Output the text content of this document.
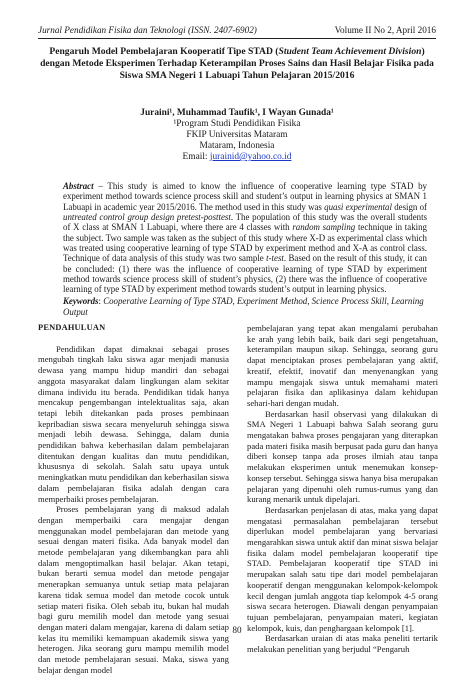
Jurnal Pendidikan Fisika dan Teknologi (ISSN. 2407-6902)	Volume II No 2, April 2016
Pengaruh Model Pembelajaran Kooperatif Tipe STAD (Student Team Achievement Division) dengan Metode Eksperimen Terhadap Keterampilan Proses Sains dan Hasil Belajar Fisika pada Siswa SMA Negeri 1 Labuapi Tahun Pelajaran 2015/2016
Juraini¹, Muhammad Taufik¹, I Wayan Gunada¹
¹Program Studi Pendidikan Fisika
FKIP Universitas Mataram
Mataram, Indonesia
Email: jurainid@yahoo.co.id
Abstract – This study is aimed to know the influence of cooperative learning type STAD by experiment method towards science process skill and student’s output in learning physics at SMAN 1 Labuapi in academic year 2015/2016. The method used in this study was quasi experimental design of untreated control group design pretest-posttest. The population of this study was the overall students of X class at SMAN 1 Labuapi, where there are 4 classes with random sampling technique in taking the subject. Two sample was taken as the subject of this study where X-D as experimental class which was treated using cooperative learning of type STAD by experiment method and X-A as control class. Technique of data analysis of this study was two sample t-test. Based on the result of this study, it can be concluded: (1) there was the influence of cooperative learning of type STAD by experiment method towards science process skill of student’s physics, (2) there was the influence of cooperative learning of type STAD by experiment method towards student’s output in learning physics.
Keywords: Cooperative Learning of Type STAD, Experiment Method, Science Process Skill, Learning Output
PENDAHULUAN

Pendidikan dapat dimaknai sebagai proses mengubah tingkah laku siswa agar menjadi manusia dewasa yang mampu hidup mandiri dan sebagai anggota masyarakat dalam lingkungan alam sekitar dimana individu itu berada. Pendidikan tidak hanya mencakup pengembangan intelektualitas saja, akan tetapi lebih ditekankan pada proses pembinaan kepribadian siswa secara menyeluruh sehingga siswa menjadi lebih dewasa. Sehingga, dalam dunia pendidikan bahwa keberhasilan dalam pembelajaran ditentukan dengan kualitas dan mutu pendidikan, khususnya di sekolah. Salah satu upaya untuk meningkatkan mutu pendidikan dan keberhasilan siswa dalam pembelajaran fisika adalah dengan cara memperbaiki proses pembelajaran.

Proses pembelajaran yang di maksud adalah dengan memperbaiki cara mengajar dengan menggunakan model pembelajaran dan metode yang sesuai dengan materi fisika. Ada banyak model dan metode pembelajaran yang dikembangkan para ahli dalam mengoptimalkan hasil belajar. Akan tetapi, bukan berarti semua model dan metode pengajar menerapkan semuanya untuk setiap mata pelajaran karena tidak semua model dan metode cocok untuk setiap materi fisika. Oleh sebab itu, bukan hal mudah bagi guru memilih model dan metode yang sesuai dengan materi dalam mengajar, karena di dalam setiap kelas itu memiliki kemampuan akademik siswa yang heterogen. Jika seorang guru mampu memilih model dan metode pembelajaran sesuai. Maka, siswa yang belajar dengan model

pembelajaran yang tepat akan mengalami perubahan ke arah yang lebih baik, baik dari segi pengetahuan, keterampilan maupun sikap. Sehingga, seorang guru dapat menciptakan proses pembelajaran yang aktif, kreatif, efektif, inovatif dan menyenangkan yang mampu mengajak siswa untuk memahami materi pelajaran fisika dan aplikasinya dalam kehidupan sehari-hari dengan mudah.

Berdasarkan hasil observasi yang dilakukan di SMA Negeri 1 Labuapi bahwa Salah seorang guru mengatakan bahwa proses pengajaran yang diterapkan pada materi fisika masih berpusat pada guru dan hanya diberi konsep tanpa ada proses ilmiah atau tanpa melakukan eksperimen untuk menemukan konsep-konsep tersebut. Sehingga siswa hanya bisa merupakan pelajaran yang dipenuhi oleh rumus-rumus yang dan kurang menarik untuk dipelajari.

Berdasarkan penjelasan di atas, maka yang dapat mengatasi permasalahan pembelajaran tersebut diperlukan model pembelajaran yang bervariasi mengarahkan siswa untuk aktif dan minat siswa belajar fisika dalam model pembelajaran kooperatif tipe STAD. Pembelajaran kooperatif tipe STAD ini merupakan salah satu tipe dari model pembelajaran kooperatif dengan menggunakan kelompok-kelompok kecil dengan jumlah anggota tiap kelompok 4-5 orang siswa secara heterogen. Diawali dengan penyampaian tujuan pembelajaran, penyampaian materi, kegiatan kelompok, kuis, dan penghargaan kelompok [1].

Berdasarkan uraian di atas maka peneliti tertarik melakukan penelitian yang berjudul “Pengaruh

80
